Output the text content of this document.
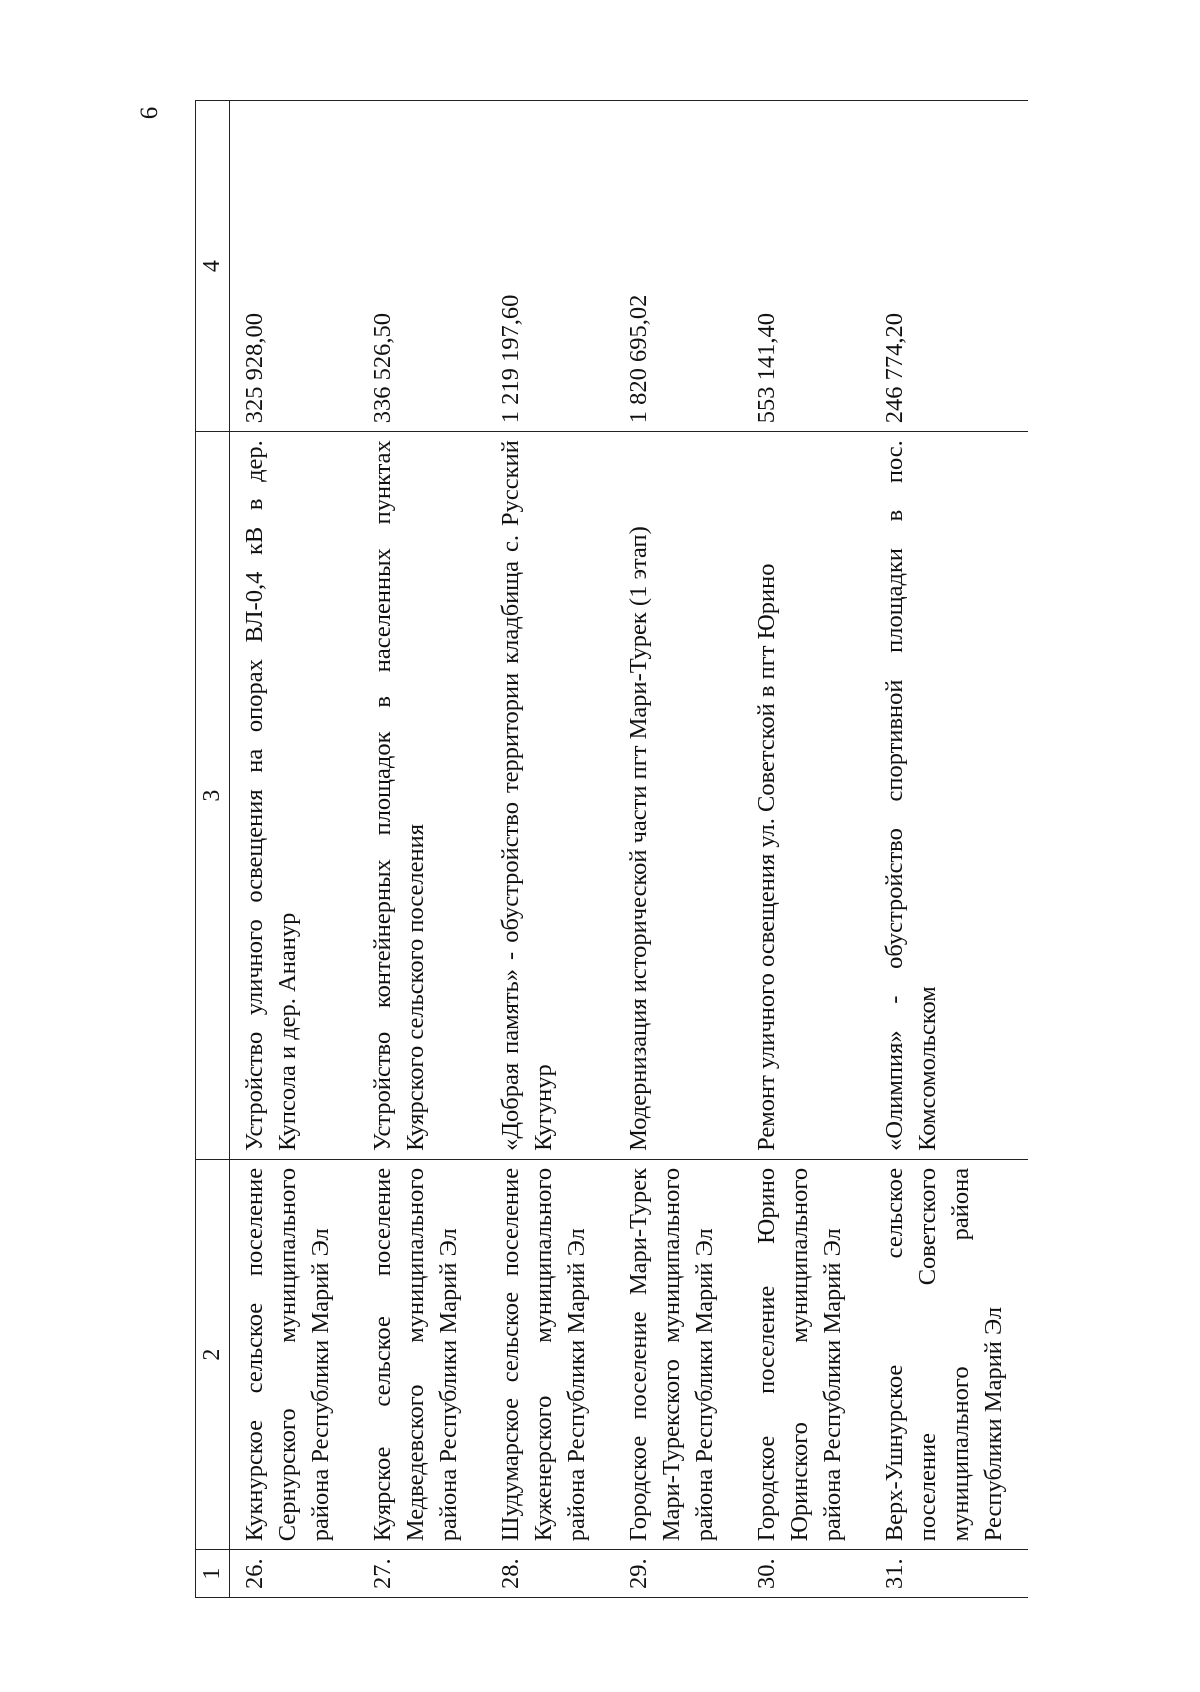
6
1	2	3	4
26.	Кукнурское сельское поселение Сернурского муниципального района Республики Марий Эл	Устройство уличного освещения на опорах ВЛ-0,4 кВ в дер. Купсола и дер. Ананур	325 928,00
27.	Куярское сельское поселение Медведевского муниципального района Республики Марий Эл	Устройство контейнерных площадок в населенных пунктах Куярского сельского поселения	336 526,50
28.	Шудумарское сельское поселение Куженерского муниципального района Республики Марий Эл	«Добрая память» - обустройство территории кладбища с. Русский Кугунур	1 219 197,60
29.	Городское поселение Мари-Турек Мари-Турекского муниципального района Республики Марий Эл	Модернизация исторической части пгт Мари-Турек (1 этап)	1 820 695,02
30.	Городское поселение Юрино Юринского муниципального района Республики Марий Эл	Ремонт уличного освещения ул. Советской в пгт Юрино	553 141,40
31.	Верх-Ушнурское сельское поселение Советского муниципального района Республики Марий Эл	«Олимпия» - обустройство спортивной площадки в пос. Комсомольском	246 774,20
